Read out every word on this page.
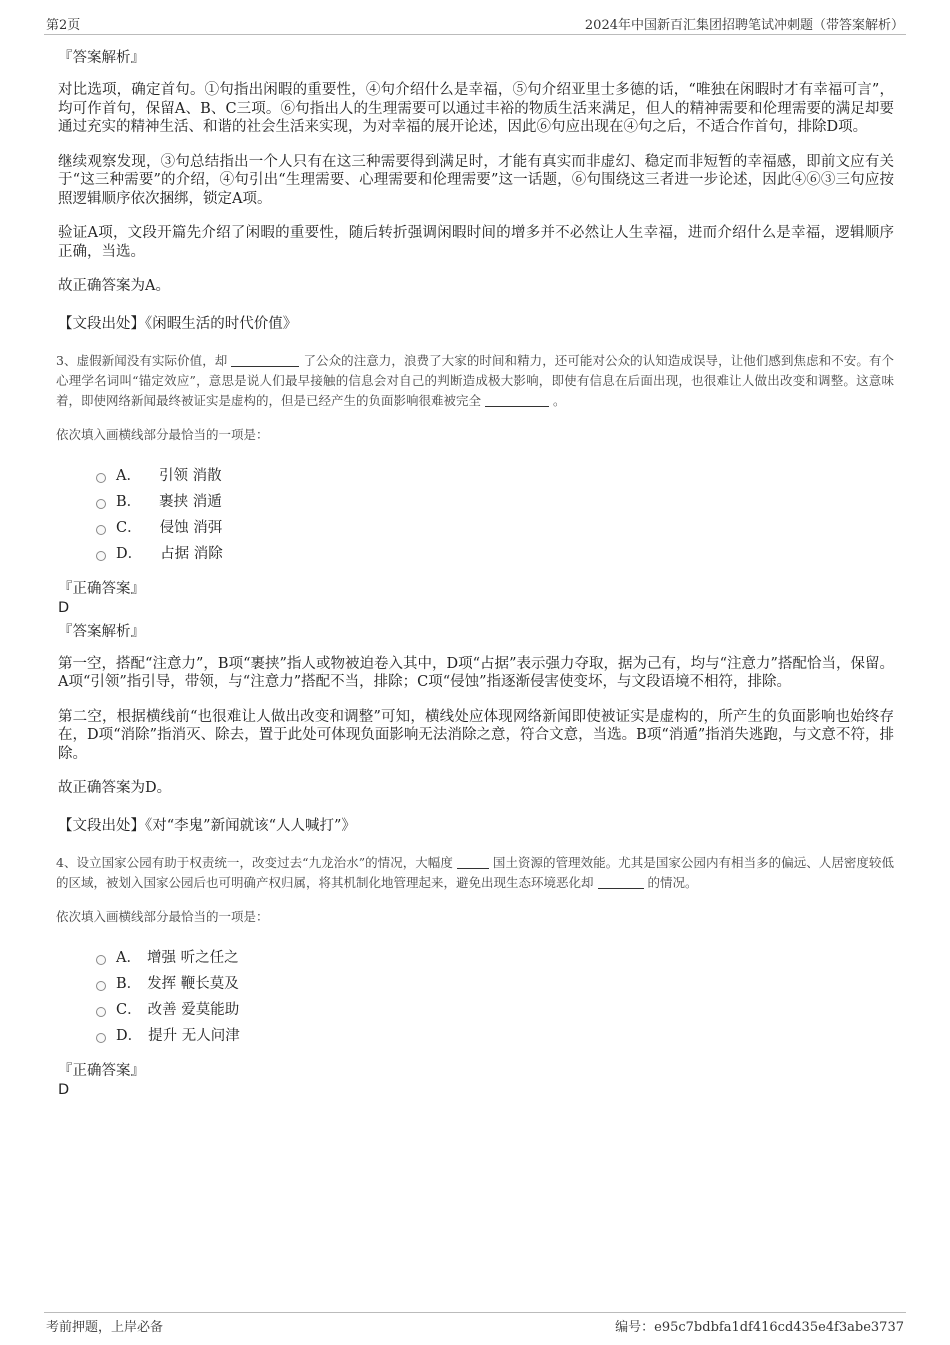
第2页	2024年中国新百汇集团招聘笔试冲刺题（带答案解析）
『答案解析』

对比选项，确定首句。①句指出闲暇的重要性，④句介绍什么是幸福，⑤句介绍亚里士多德的话，“唯独在闲暇时才有幸福可言”，均可作首句，保留A、B、C三项。⑥句指出人的生理需要可以通过丰裕的物质生活来满足，但人的精神需要和伦理需要的满足却要通过充实的精神生活、和谐的社会生活来实现，为对幸福的展开论述，因此⑥句应出现在④句之后，不适合作首句，排除D项。

继续观察发现，③句总结指出一个人只有在这三种需要得到满足时，才能有真实而非虚幻、稳定而非短暂的幸福感，即前文应有关于“这三种需要”的介绍，④句引出“生理需要、心理需要和伦理需要”这一话题，⑥句围绕这三者进一步论述，因此④⑥③三句应按照逻辑顺序依次捆绑，锁定A项。

验证A项，文段开篇先介绍了闲暇的重要性，随后转折强调闲暇时间的增多并不必然让人生幸福，进而介绍什么是幸福，逻辑顺序正确，当选。

故正确答案为A。

【文段出处】《闲暇生活的时代价值》
3、虚假新闻没有实际价值，却	了公众的注意力，浪费了大家的时间和精力，还可能对公众的认知造成误导，让他们感到焦虑和不安。有个心理学名词叫“锚定效应”，意思是说人们最早接触的信息会对自己的判断造成极大影响，即使有信息在后面出现，也很难让人做出改变和调整。这意味着，即使网络新闻最终被证实是虚构的，但是已经产生的负面影响很难被完全	。
依次填入画横线部分最恰当的一项是：
A． 引领 消散
B． 裹挟 消遁
C． 侵蚀 消弭
D． 占据 消除
『正确答案』
D
『答案解析』

第一空，搭配“注意力”，B项“裹挟”指人或物被迫卷入其中，D项“占据”表示强力夺取，据为己有，均与“注意力”搭配恰当，保留。A项“引领”指引导，带领，与“注意力”搭配不当，排除；C项“侵蚀”指逐渐侵害使变坏，与文段语境不相符，排除。

第二空，根据横线前“也很难让人做出改变和调整”可知，横线处应体现网络新闻即使被证实是虚构的，所产生的负面影响也始终存在，D项“消除”指消灭、除去，置于此处可体现负面影响无法消除之意，符合文意，当选。B项“消遁”指消失逃跑，与文意不符，排除。

故正确答案为D。

【文段出处】《对“李鬼”新闻就该“人人喊打”》
4、设立国家公园有助于权责统一，改变过去“九龙治水”的情况，大幅度	国土资源的管理效能。尤其是国家公园内有相当多的偏远、人居密度较低的区域，被划入国家公园后也可明确产权归属，将其机制化地管理起来，避免出现生态环境恶化却	的情况。
依次填入画横线部分最恰当的一项是：
A． 增强 听之任之
B． 发挥 鞭长莫及
C． 改善 爱莫能助
D． 提升 无人问津
『正确答案』
D
考前押题，上岸必备	编号：e95c7bdbfa1df416cd435e4f3abe3737
